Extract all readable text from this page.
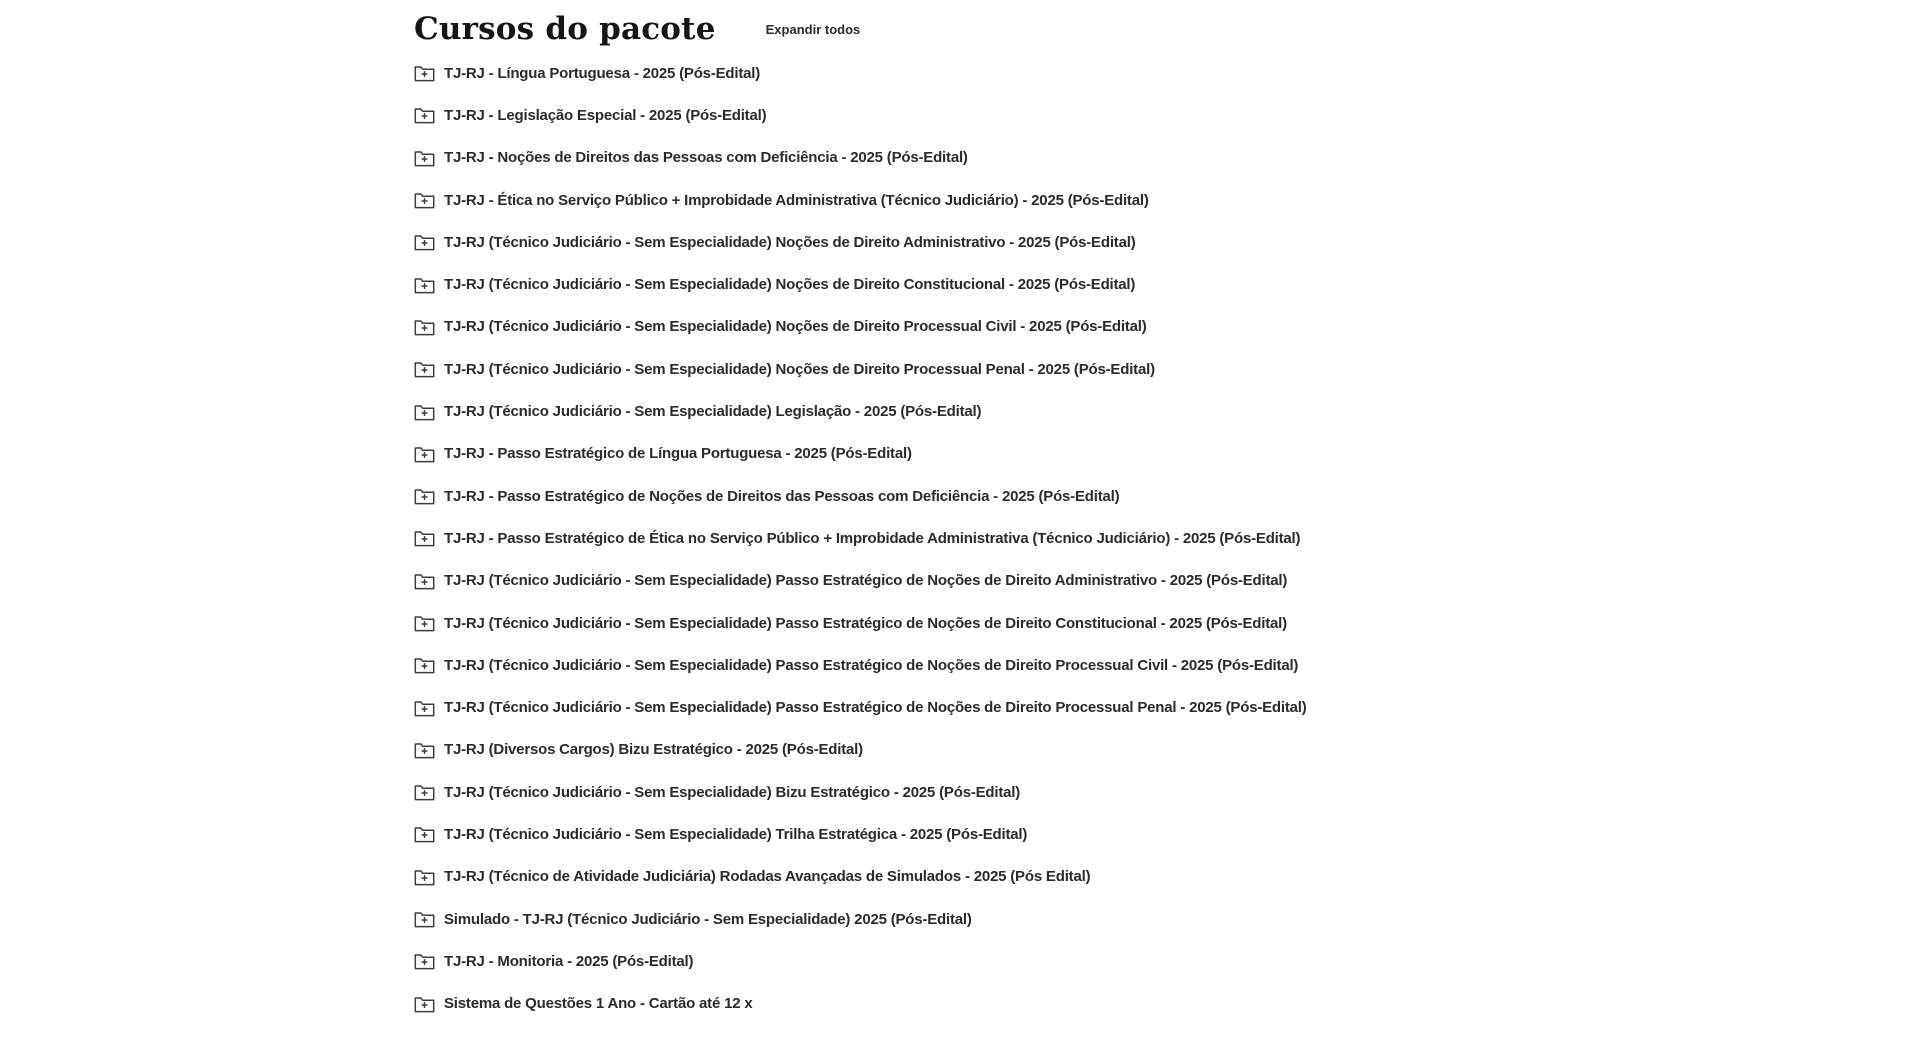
Cursos do pacote	Expandir todos
TJ-RJ - Língua Portuguesa - 2025 (Pós-Edital)
TJ-RJ - Legislação Especial - 2025 (Pós-Edital)
TJ-RJ - Noções de Direitos das Pessoas com Deficiência - 2025 (Pós-Edital)
TJ-RJ - Ética no Serviço Público + Improbidade Administrativa (Técnico Judiciário) - 2025 (Pós-Edital)
TJ-RJ (Técnico Judiciário - Sem Especialidade) Noções de Direito Administrativo - 2025 (Pós-Edital)
TJ-RJ (Técnico Judiciário - Sem Especialidade) Noções de Direito Constitucional - 2025 (Pós-Edital)
TJ-RJ (Técnico Judiciário - Sem Especialidade) Noções de Direito Processual Civil - 2025 (Pós-Edital)
TJ-RJ (Técnico Judiciário - Sem Especialidade) Noções de Direito Processual Penal - 2025 (Pós-Edital)
TJ-RJ (Técnico Judiciário - Sem Especialidade) Legislação - 2025 (Pós-Edital)
TJ-RJ - Passo Estratégico de Língua Portuguesa - 2025 (Pós-Edital)
TJ-RJ - Passo Estratégico de Noções de Direitos das Pessoas com Deficiência - 2025 (Pós-Edital)
TJ-RJ - Passo Estratégico de Ética no Serviço Público + Improbidade Administrativa (Técnico Judiciário) - 2025 (Pós-Edital)
TJ-RJ (Técnico Judiciário - Sem Especialidade) Passo Estratégico de Noções de Direito Administrativo - 2025 (Pós-Edital)
TJ-RJ (Técnico Judiciário - Sem Especialidade) Passo Estratégico de Noções de Direito Constitucional - 2025 (Pós-Edital)
TJ-RJ (Técnico Judiciário - Sem Especialidade) Passo Estratégico de Noções de Direito Processual Civil - 2025 (Pós-Edital)
TJ-RJ (Técnico Judiciário - Sem Especialidade) Passo Estratégico de Noções de Direito Processual Penal - 2025 (Pós-Edital)
TJ-RJ (Diversos Cargos) Bizu Estratégico - 2025 (Pós-Edital)
TJ-RJ (Técnico Judiciário - Sem Especialidade) Bizu Estratégico - 2025 (Pós-Edital)
TJ-RJ (Técnico Judiciário - Sem Especialidade) Trilha Estratégica - 2025 (Pós-Edital)
TJ-RJ (Técnico de Atividade Judiciária) Rodadas Avançadas de Simulados - 2025 (Pós Edital)
Simulado - TJ-RJ (Técnico Judiciário - Sem Especialidade) 2025 (Pós-Edital)
TJ-RJ - Monitoria - 2025 (Pós-Edital)
Sistema de Questões 1 Ano - Cartão até 12 x
